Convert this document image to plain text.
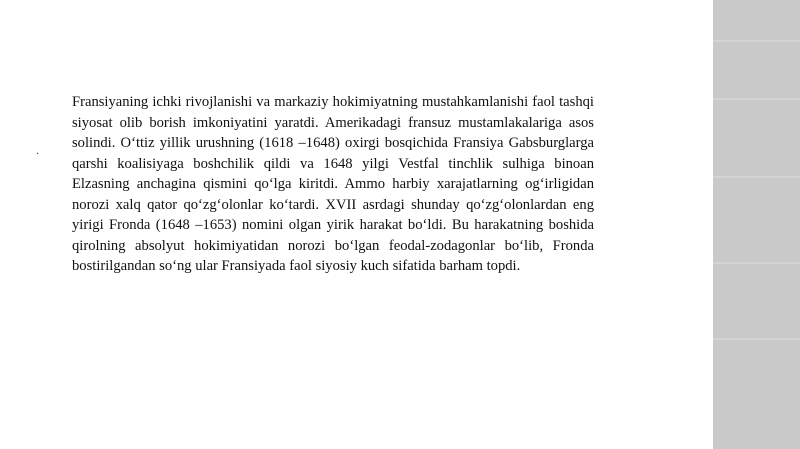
·

Fransiyaning ichki rivojlanishi va markaziy hokimiyatning mustahkamlanishi faol tashqi siyosat olib borish imkoniyatini yaratdi. Amerikadagi fransuz mustamlakalariga asos solindi. O‘ttiz yillik urushning (1618 –1648) oxirgi bosqichida Fransiya Gabsburglarga qarshi koalisiyaga boshchilik qildi va 1648 yilgi Vestfal tinchlik sulhiga binoan Elzasning anchagina qismini qo‘lga kiritdi. Ammo harbiy xarajatlarning og‘irligidan norozi xalq qator qo‘zg‘olonlar ko‘tardi. XVII asrdagi shunday qo‘zg‘olonlardan eng yirigi Fronda (1648 –1653) nomini olgan yirik harakat bo‘ldi. Bu harakatning boshida qirolning absolyut hokimiyatidan norozi bo‘lgan feodal-zodagonlar bo‘lib, Fronda bostirilgandan so‘ng ular Fransiyada faol siyosiy kuch sifatida barham topdi.
